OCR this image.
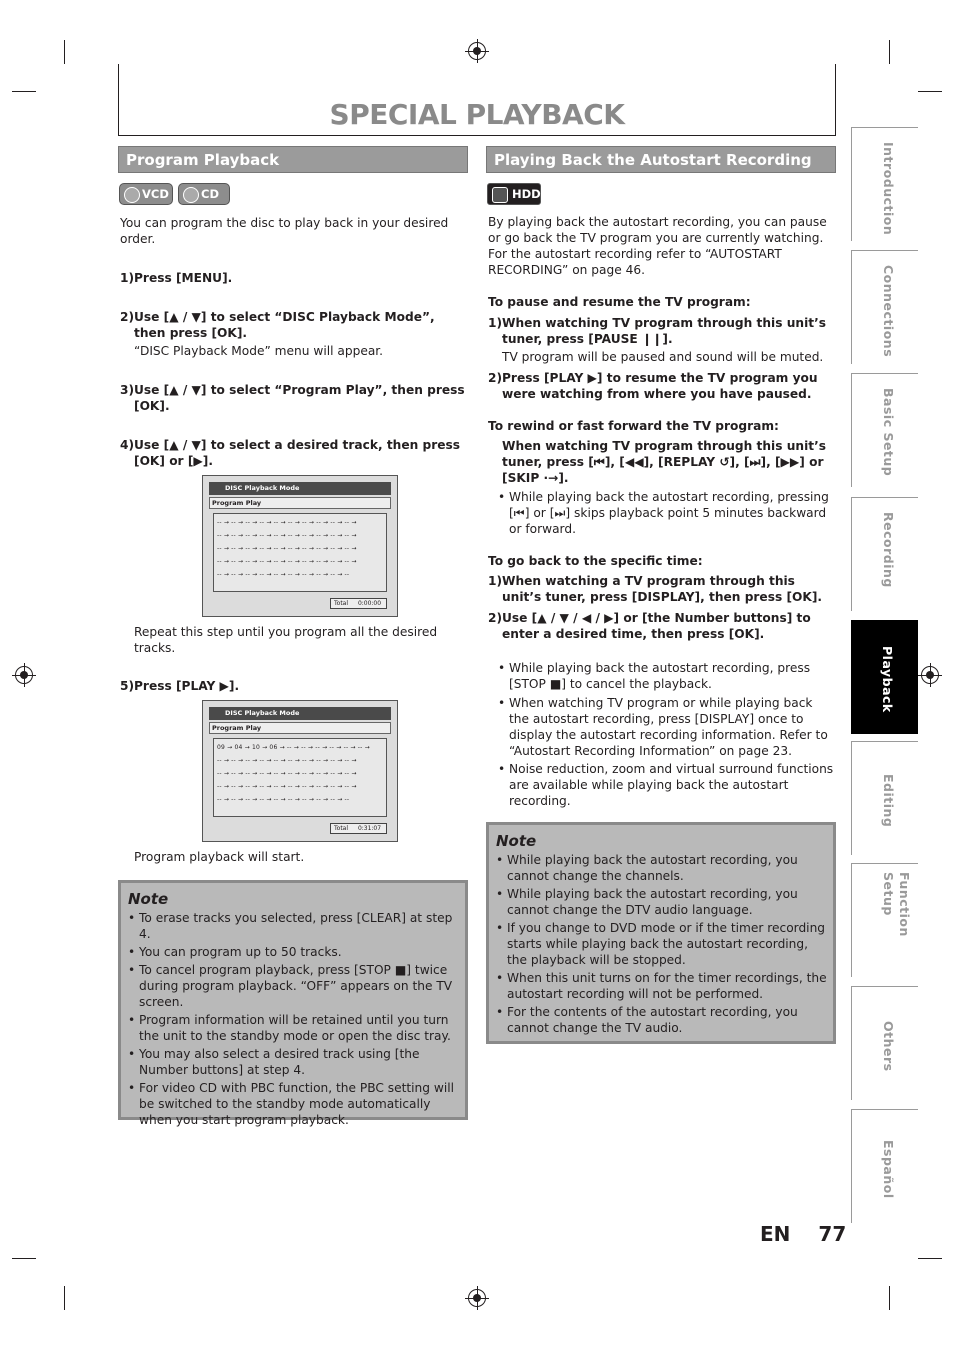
SPECIAL PLAYBACK
Program Playback
VCD	CD
You can program the disc to play back in your desired order.
1) Press [MENU].
2) Use [▲ / ▼] to select “DISC Playback Mode”, then press [OK].
“DISC Playback Mode” menu will appear.
3) Use [▲ / ▼] to select “Program Play”, then press [OK].
4) Use [▲ / ▼] to select a desired track, then press [OK] or [▶].
DISC Playback Mode
Program Play
-- → -- → -- → -- → -- → -- → -- → -- → -- → -- →
-- → -- → -- → -- → -- → -- → -- → -- → -- → -- →
-- → -- → -- → -- → -- → -- → -- → -- → -- → -- →
-- → -- → -- → -- → -- → -- → -- → -- → -- → -- →
-- → -- → -- → -- → -- → -- → -- → -- → -- → --
Total 0:00:00
Repeat this step until you program all the desired tracks.
5) Press [PLAY ▶].
DISC Playback Mode
Program Play
09 → 04 → 10 → 06 → -- → -- → -- → -- → -- → -- →
-- → -- → -- → -- → -- → -- → -- → -- → -- → -- →
-- → -- → -- → -- → -- → -- → -- → -- → -- → -- →
-- → -- → -- → -- → -- → -- → -- → -- → -- → -- →
-- → -- → -- → -- → -- → -- → -- → -- → -- → --
Total 0:31:07
Program playback will start.
Note
• To erase tracks you selected, press [CLEAR] at step 4.
• You can program up to 50 tracks.
• To cancel program playback, press [STOP ■] twice during program playback. “OFF” appears on the TV screen.
• Program information will be retained until you turn the unit to the standby mode or open the disc tray.
• You may also select a desired track using [the Number buttons] at step 4.
• For video CD with PBC function, the PBC setting will be switched to the standby mode automatically when you start program playback.
Playing Back the Autostart Recording
HDD
By playing back the autostart recording, you can pause or go back the TV program you are currently watching. For the autostart recording refer to “AUTOSTART RECORDING” on page 46.
To pause and resume the TV program:
1) When watching TV program through this unit’s tuner, press [PAUSE ❙❙].
TV program will be paused and sound will be muted.
2) Press [PLAY ▶] to resume the TV program you were watching from where you have paused.
To rewind or fast forward the TV program:
When watching TV program through this unit’s tuner, press [⏮], [◀◀], [REPLAY ↺], [⏭], [▶▶] or [SKIP ·→].
• While playing back the autostart recording, pressing [⏮] or [⏭] skips playback point 5 minutes backward or forward.
To go back to the specific time:
1) When watching a TV program through this unit’s tuner, press [DISPLAY], then press [OK].
2) Use [▲ / ▼ / ◀ / ▶] or [the Number buttons] to enter a desired time, then press [OK].
• While playing back the autostart recording, press [STOP ■] to cancel the playback.
• When watching TV program or while playing back the autostart recording, press [DISPLAY] once to display the autostart recording information. Refer to “Autostart Recording Information” on page 23.
• Noise reduction, zoom and virtual surround functions are available while playing back the autostart recording.
Note
• While playing back the autostart recording, you cannot change the channels.
• While playing back the autostart recording, you cannot change the DTV audio language.
• If you change to DVD mode or if the timer recording starts while playing back the autostart recording, the playback will be stopped.
• When this unit turns on for the timer recordings, the autostart recording will not be performed.
• For the contents of the autostart recording, you cannot change the TV audio.
Introduction
Connections
Basic Setup
Recording
Playback
Editing
Function Setup
Others
Español
EN 77
